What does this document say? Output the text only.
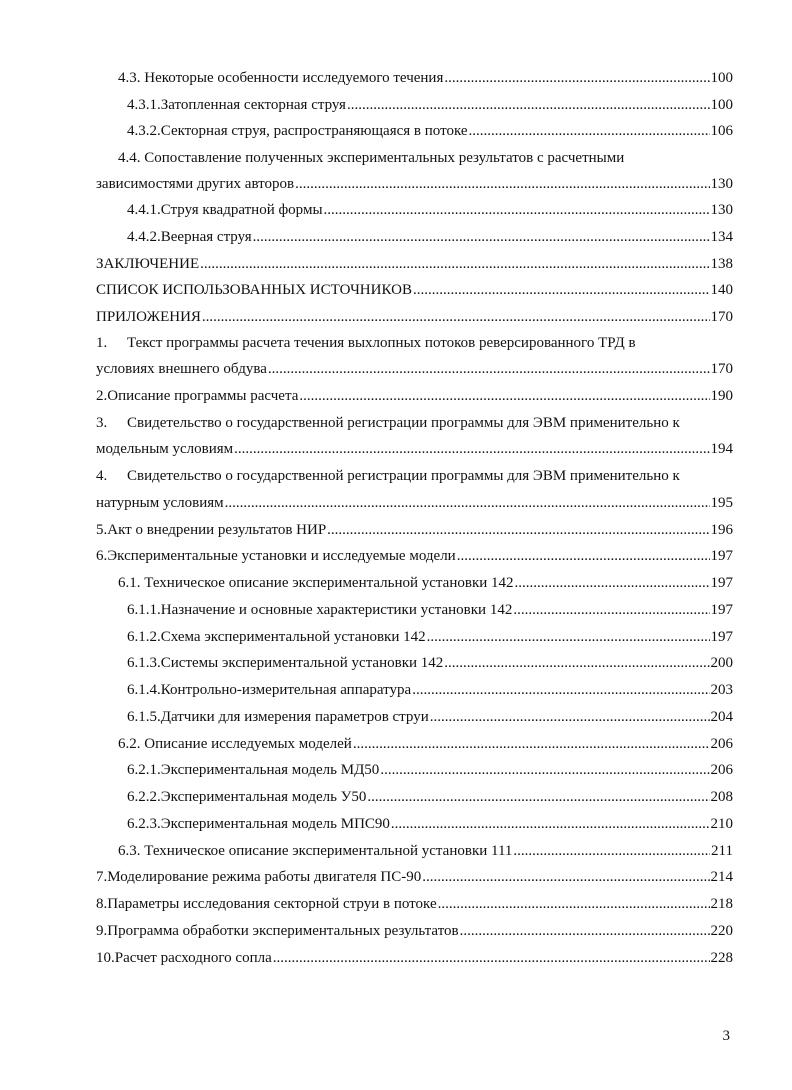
4.3. Некоторые особенности исследуемого течения .....	100
4.3.1. Затопленная секторная струя .....	100
4.3.2. Секторная струя, распространяющаяся в потоке .....	106
4.4. Сопоставление полученных экспериментальных результатов с расчетными
зависимостями других авторов .....	130
4.4.1. Струя квадратной формы .....	130
4.4.2. Веерная струя .....	134
ЗАКЛЮЧЕНИЕ .....	138
СПИСОК ИСПОЛЬЗОВАННЫХ ИСТОЧНИКОВ .....	140
ПРИЛОЖЕНИЯ .....	170
1. Текст программы расчета течения выхлопных потоков реверсированного ТРД в
условиях внешнего обдува .....	170
2. Описание программы расчета .....	190
3. Свидетельство о государственной регистрации программы для ЭВМ применительно к
модельным условиям .....	194
4. Свидетельство о государственной регистрации программы для ЭВМ применительно к
натурным условиям .....	195
5. Акт о внедрении результатов НИР .....	196
6. Экспериментальные установки и исследуемые модели .....	197
6.1. Техническое описание экспериментальной установки 142 .....	197
6.1.1. Назначение и основные характеристики установки 142 .....	197
6.1.2. Схема экспериментальной установки 142 .....	197
6.1.3. Системы экспериментальной установки 142 .....	200
6.1.4. Контрольно-измерительная аппаратура .....	203
6.1.5. Датчики для измерения параметров струи .....	204
6.2. Описание исследуемых моделей .....	206
6.2.1. Экспериментальная модель МД50 .....	206
6.2.2. Экспериментальная модель У50 .....	208
6.2.3. Экспериментальная модель МПС90 .....	210
6.3. Техническое описание экспериментальной установки 111 .....	211
7. Моделирование режима работы двигателя ПС-90 .....	214
8. Параметры исследования секторной струи в потоке .....	218
9. Программа обработки экспериментальных результатов .....	220
10. Расчет расходного сопла .....	228
3
